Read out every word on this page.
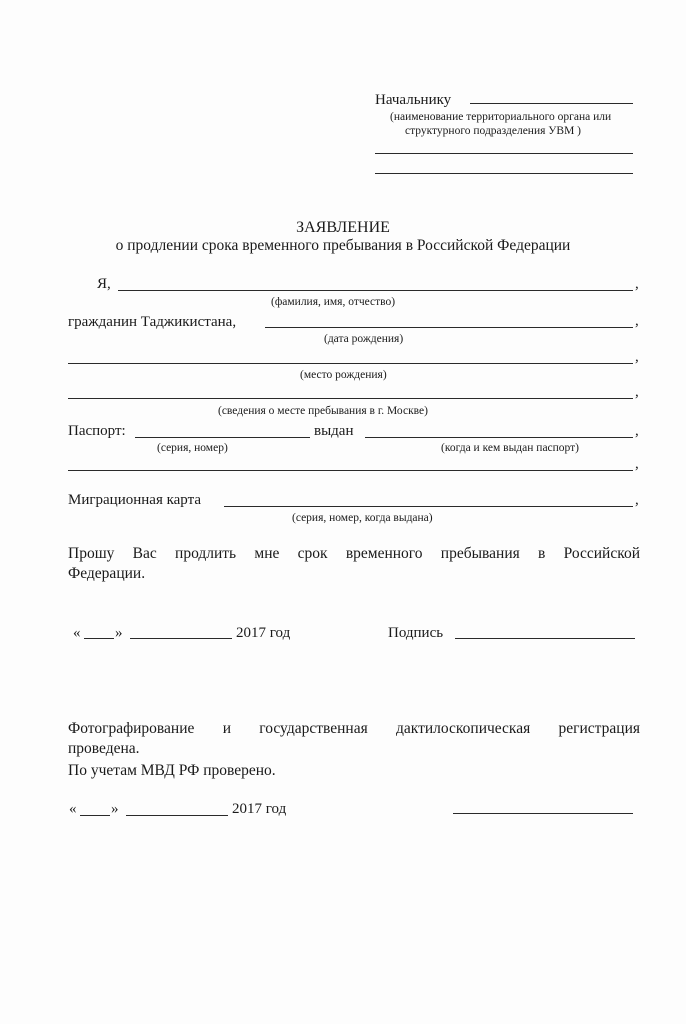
Начальнику
(наименование территориального органа или
структурного подразделения УВМ )
ЗАЯВЛЕНИЕ
о продлении срока временного пребывания в Российской Федерации
Я,	,
(фамилия, имя, отчество)
гражданин Таджикистана,	,
(дата рождения)
,
(место рождения)
,
(сведения о месте пребывания в г. Москве)
Паспорт:	выдан	,
(серия, номер)	(когда и кем выдан паспорт)
,
Миграционная карта	,
(серия, номер, когда выдана)
Прошу Вас продлить мне срок временного пребывания в Российской
Федерации.
« »	2017 год	Подпись
Фотографирование и государственная дактилоскопическая регистрация
проведена.
По учетам МВД РФ проверено.
« »	2017 год
